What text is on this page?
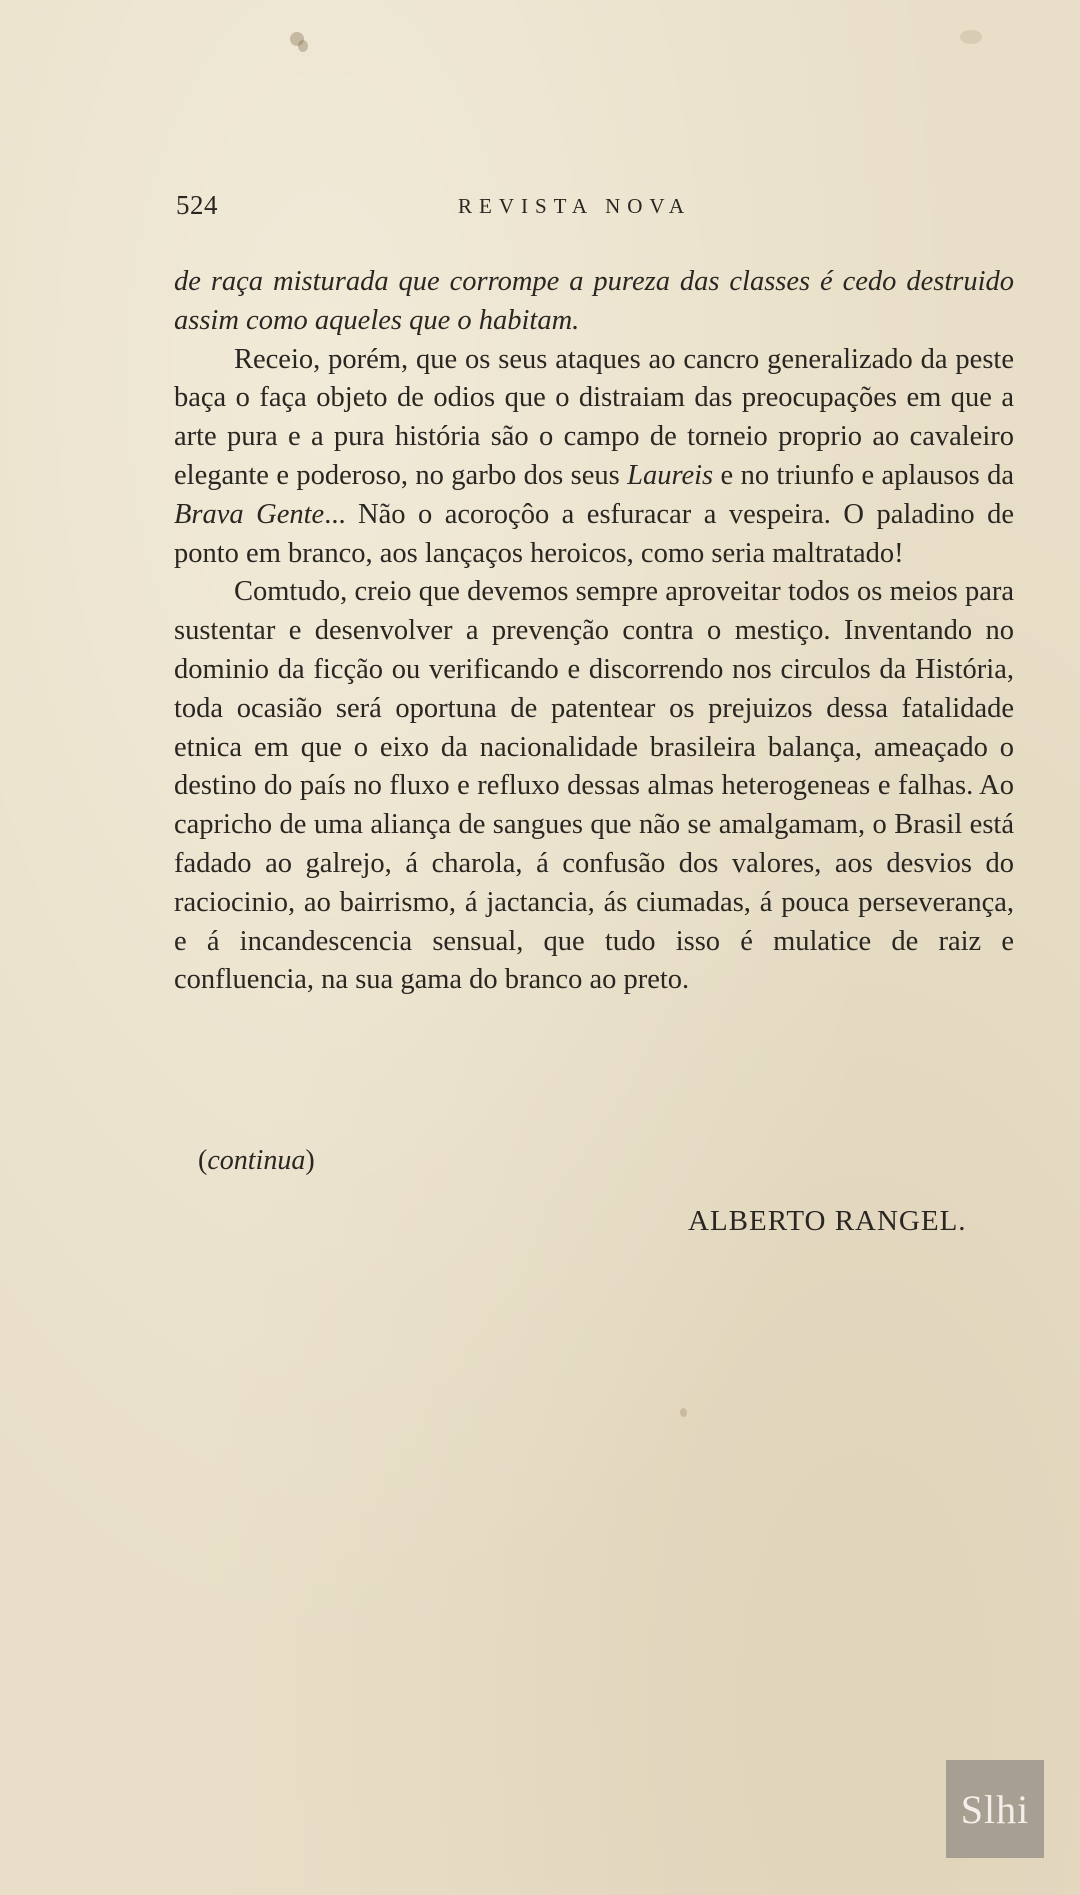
524	REVISTA NOVA

de raça misturada que corrompe a pureza das classes é cedo destruido assim como aqueles que o habitam.

Receio, porém, que os seus ataques ao cancro generalizado da peste baça o faça objeto de odios que o distraiam das preocupações em que a arte pura e a pura história são o campo de torneio proprio ao cavaleiro elegante e poderoso, no garbo dos seus Laureis e no triunfo e aplausos da Brava Gente... Não o acoroçôo a esfuracar a vespeira. O paladino de ponto em branco, aos lançaços heroicos, como seria maltratado!

Comtudo, creio que devemos sempre aproveitar todos os meios para sustentar e desenvolver a prevenção contra o mestiço. Inventando no dominio da ficção ou verificando e discorrendo nos circulos da História, toda ocasião será oportuna de patentear os prejuizos dessa fatalidade etnica em que o eixo da nacionalidade brasileira balança, ameaçado o destino do país no fluxo e refluxo dessas almas heterogeneas e falhas. Ao capricho de uma aliança de sangues que não se amalgamam, o Brasil está fadado ao galrejo, á charola, á confusão dos valores, aos desvios do raciocinio, ao bairrismo, á jactancia, ás ciumadas, á pouca perseverança, e á incandescencia sensual, que tudo isso é mulatice de raiz e confluencia, na sua gama do branco ao preto.

(continua)
ALBERTO RANGEL.
Slhi
